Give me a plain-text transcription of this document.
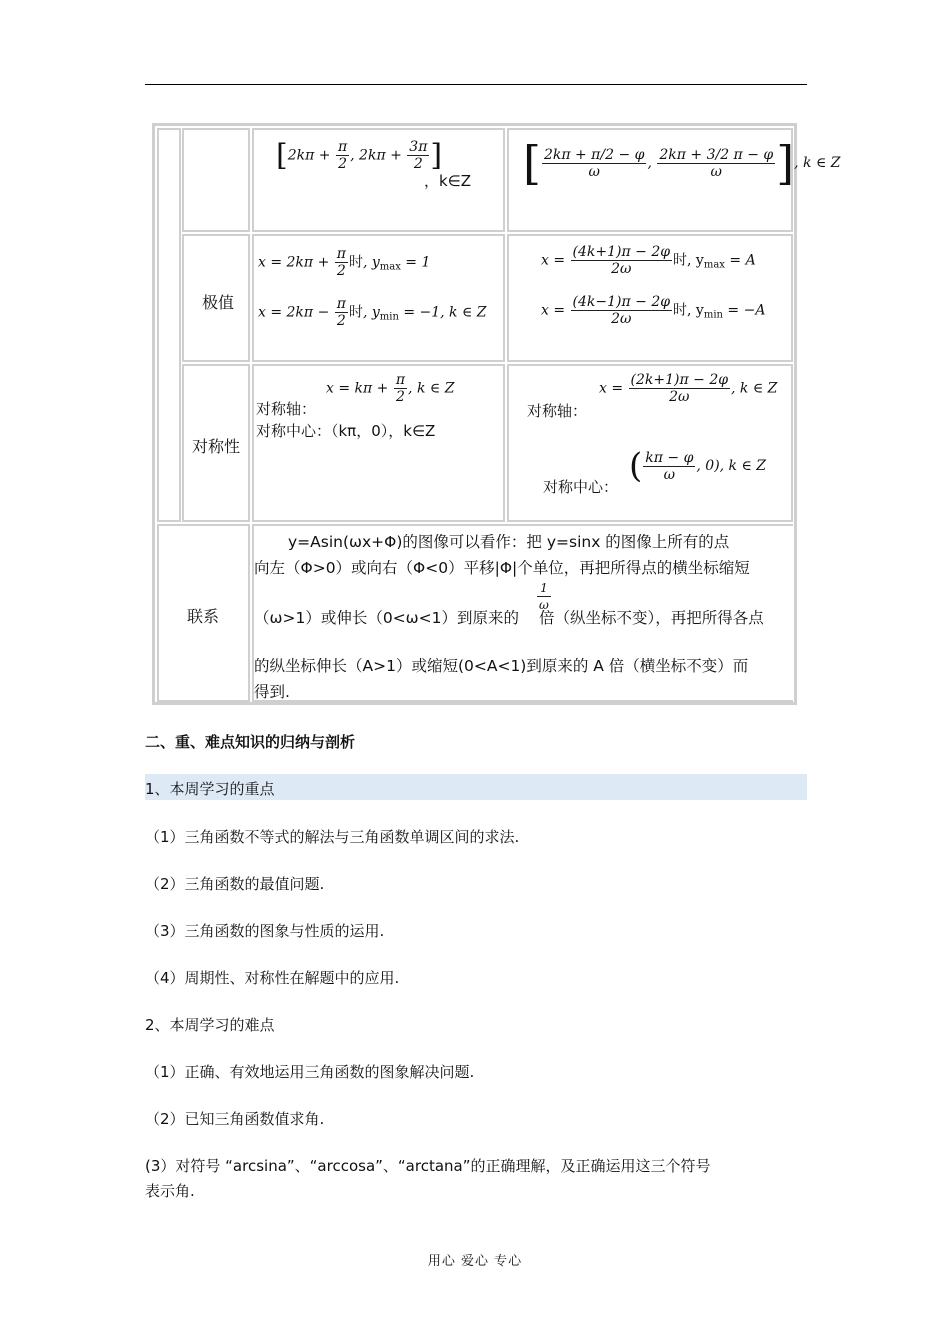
[$2k\pi + \frac{\pi}{2}$ , $2k\pi + \frac{3\pi}{2}$ ]
，k∈Z [ $\frac{2k\pi + \pi/2 - \varphi}{\omega}$ , $\frac{2k\pi + 3/2 \pi - \varphi}{\omega}$ ], k ∈ Z
极值
$x = 2k\pi + \frac{\pi}{2}$ 时, $y_{max} = 1$
$x = 2k\pi - \frac{\pi}{2}$ 时, $y_{min} = -1$, k ∈ Z
$x = \frac{(4k+1)\pi - 2\varphi}{2\omega}$ 时, $y_{max} = A$
$x = \frac{(4k-1)\pi - 2\varphi}{2\omega}$ 时, $y_{min} = -A$
对称性
$x = k\pi + \frac{\pi}{2}$ , k ∈ Z
对称轴：
对称中心：（kπ，0），k∈Z
对称轴：
$x = \frac{(2k+1)\pi - 2\varphi}{2\omega}$ , k ∈ Z
对称中心：
( $\frac{k\pi - \varphi}{\omega}$ , 0), k ∈ Z
联系
y=Asin(ωx+Φ)的图像可以看作：把 y=sinx 的图像上所有的点
向左（Φ>0）或向右（Φ<0）平移|Φ|个单位，再把所得点的横坐标缩短
$\frac{1}{\omega}$
（ω>1）或伸长（0<ω<1）到原来的 倍（纵坐标不变），再把所得各点
的纵坐标伸长（A>1）或缩短(0<A<1)到原来的 A 倍（横坐标不变）而
得到.
二、重、难点知识的归纳与剖析
1、本周学习的重点
（1）三角函数不等式的解法与三角函数单调区间的求法.
（2）三角函数的最值问题.
（3）三角函数的图象与性质的运用.
（4）周期性、对称性在解题中的应用.
2、本周学习的难点
（1）正确、有效地运用三角函数的图象解决问题.
（2）已知三角函数值求角.
(3）对符号 “arcsina”、“arccosa”、“arctana”的正确理解，及正确运用这三个符号
表示角.
用心 爱心 专心
